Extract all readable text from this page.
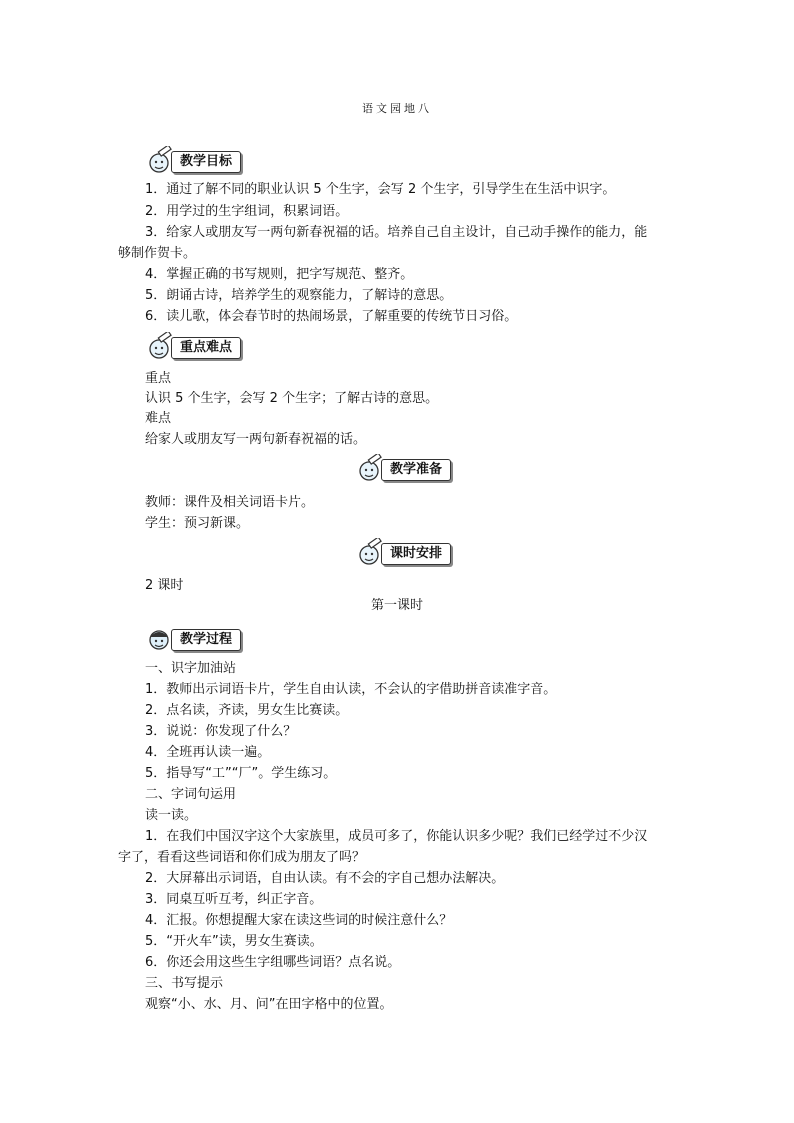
语文园地八
教学目标
1．通过了解不同的职业认识 5 个生字，会写 2 个生字，引导学生在生活中识字。
2．用学过的生字组词，积累词语。
3．给家人或朋友写一两句新春祝福的话。培养自己自主设计，自己动手操作的能力，能
够制作贺卡。
4．掌握正确的书写规则，把字写规范、整齐。
5．朗诵古诗，培养学生的观察能力，了解诗的意思。
6．读儿歌，体会春节时的热闹场景，了解重要的传统节日习俗。
重点难点
重点
认识 5 个生字，会写 2 个生字；了解古诗的意思。
难点
给家人或朋友写一两句新春祝福的话。
教学准备
教师：课件及相关词语卡片。
学生：预习新课。
课时安排
2 课时
第一课时
教学过程
一、识字加油站
1．教师出示词语卡片，学生自由认读，不会认的字借助拼音读准字音。
2．点名读，齐读，男女生比赛读。
3．说说：你发现了什么？
4．全班再认读一遍。
5．指导写“工”“厂”。学生练习。
二、字词句运用
读一读。
1．在我们中国汉字这个大家族里，成员可多了，你能认识多少呢？我们已经学过不少汉
字了，看看这些词语和你们成为朋友了吗？
2．大屏幕出示词语，自由认读。有不会的字自己想办法解决。
3．同桌互听互考，纠正字音。
4．汇报。你想提醒大家在读这些词的时候注意什么？
5．“开火车”读，男女生赛读。
6．你还会用这些生字组哪些词语？点名说。
三、书写提示
观察“小、水、月、问”在田字格中的位置。
